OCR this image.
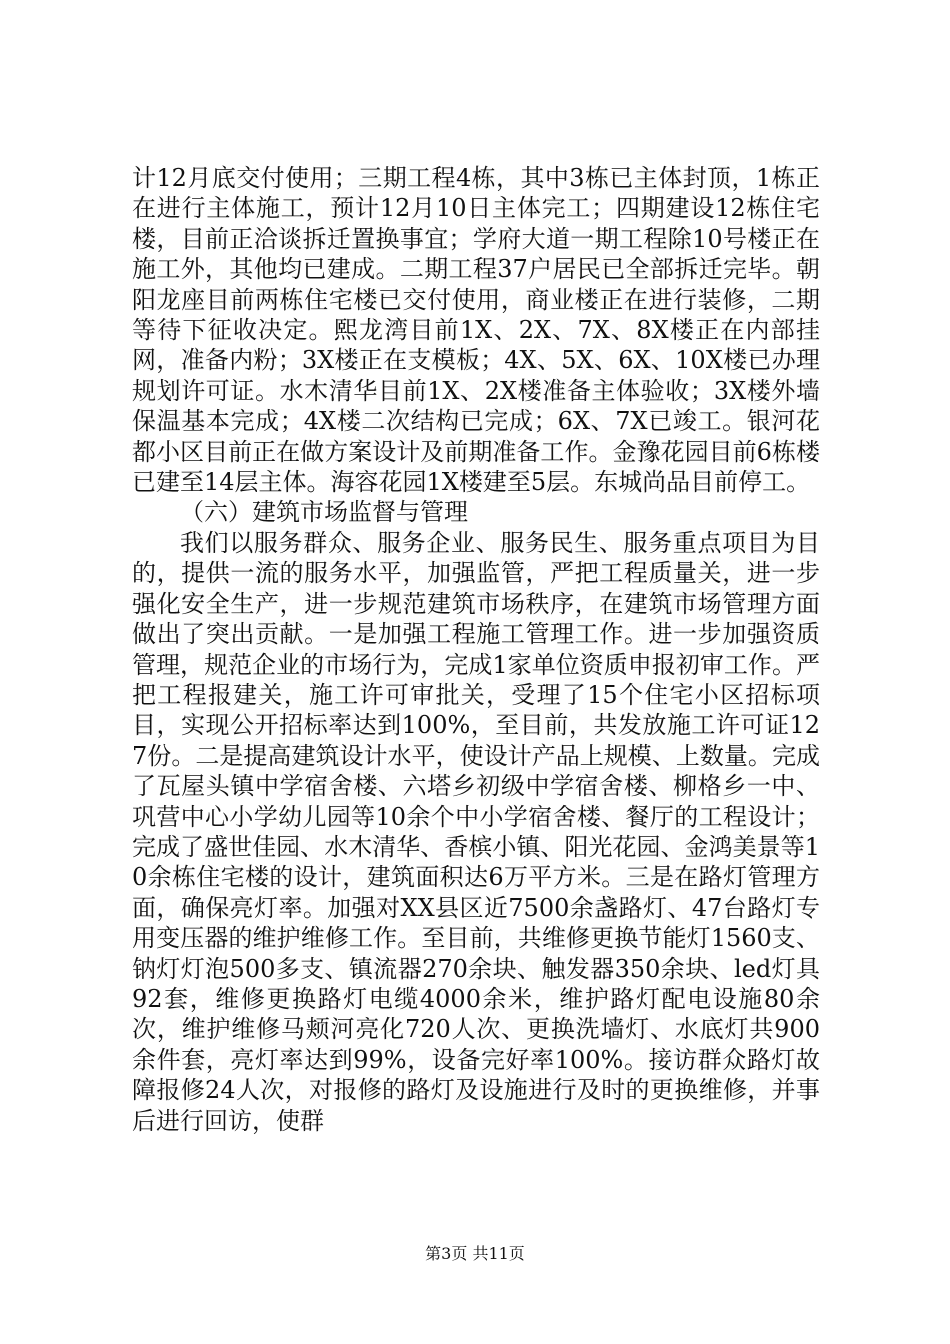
计12月底交付使用；三期工程4栋，其中3栋已主体封顶，1栋正在进行主体施工，预计12月10日主体完工；四期建设12栋住宅楼，目前正洽谈拆迁置换事宜；学府大道一期工程除10号楼正在施工外，其他均已建成。二期工程37户居民已全部拆迁完毕。朝阳龙座目前两栋住宅楼已交付使用，商业楼正在进行装修，二期等待下征收决定。熙龙湾目前1X、2X、7X、8X楼正在内部挂网，准备内粉；3X楼正在支模板；4X、5X、6X、10X楼已办理规划许可证。水木清华目前1X、2X楼准备主体验收；3X楼外墙保温基本完成；4X楼二次结构已完成；6X、7X已竣工。银河花都小区目前正在做方案设计及前期准备工作。金豫花园目前6栋楼已建至14层主体。海容花园1X楼建至5层。东城尚品目前停工。

（六）建筑市场监督与管理

我们以服务群众、服务企业、服务民生、服务重点项目为目的，提供一流的服务水平，加强监管，严把工程质量关，进一步强化安全生产，进一步规范建筑市场秩序，在建筑市场管理方面做出了突出贡献。一是加强工程施工管理工作。进一步加强资质管理，规范企业的市场行为，完成1家单位资质申报初审工作。严把工程报建关，施工许可审批关，受理了15个住宅小区招标项目，实现公开招标率达到100%，至目前，共发放施工许可证127份。二是提高建筑设计水平，使设计产品上规模、上数量。完成了瓦屋头镇中学宿舍楼、六塔乡初级中学宿舍楼、柳格乡一中、巩营中心小学幼儿园等10余个中小学宿舍楼、餐厅的工程设计；完成了盛世佳园、水木清华、香槟小镇、阳光花园、金鸿美景等10余栋住宅楼的设计，建筑面积达6万平方米。三是在路灯管理方面，确保亮灯率。加强对XX县区近7500余盏路灯、47台路灯专用变压器的维护维修工作。至目前，共维修更换节能灯1560支、钠灯灯泡500多支、镇流器270余块、触发器350余块、led灯具92套，维修更换路灯电缆4000余米，维护路灯配电设施80余次，维护维修马颊河亮化720人次、更换洗墙灯、水底灯共900余件套，亮灯率达到99%，设备完好率100%。接访群众路灯故障报修24人次，对报修的路灯及设施进行及时的更换维修，并事后进行回访，使群

第3页 共11页
